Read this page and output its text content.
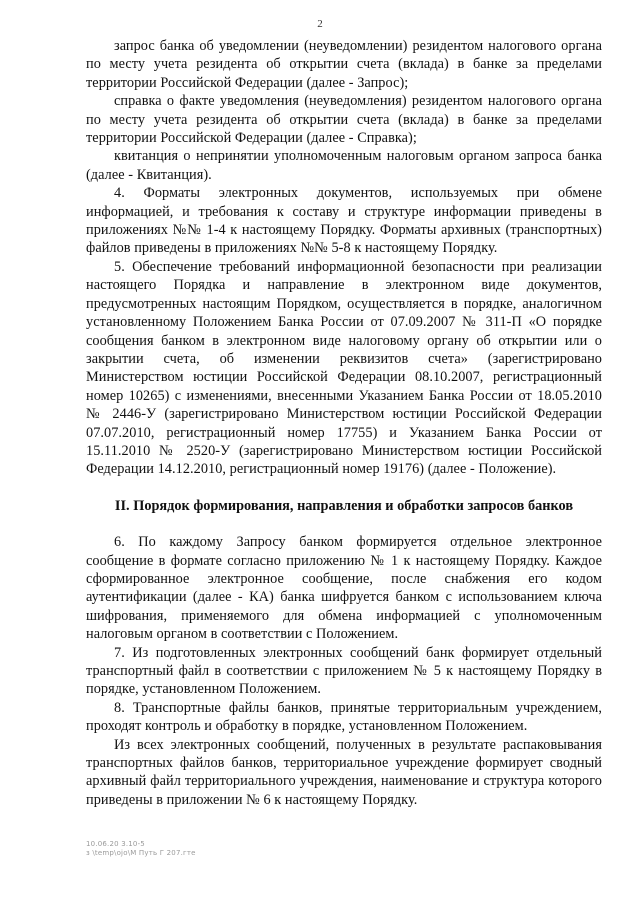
2

запрос банка об уведомлении (неуведомлении) резидентом налогового органа по месту учета резидента об открытии счета (вклада) в банке за пределами территории Российской Федерации (далее - Запрос);

справка о факте уведомления (неуведомления) резидентом налогового органа по месту учета резидента об открытии счета (вклада) в банке за пределами территории Российской Федерации (далее - Справка);

квитанция о непринятии уполномоченным налоговым органом запроса банка (далее - Квитанция).

4. Форматы электронных документов, используемых при обмене информацией, и требования к составу и структуре информации приведены в приложениях №№ 1-4 к настоящему Порядку. Форматы архивных (транспортных) файлов приведены в приложениях №№ 5-8 к настоящему Порядку.

5. Обеспечение требований информационной безопасности при реализации настоящего Порядка и направление в электронном виде документов, предусмотренных настоящим Порядком, осуществляется в порядке, аналогичном установленному Положением Банка России от 07.09.2007 № 311-П «О порядке сообщения банком в электронном виде налоговому органу об открытии или о закрытии счета, об изменении реквизитов счета» (зарегистрировано Министерством юстиции Российской Федерации 08.10.2007, регистрационный номер 10265) с изменениями, внесенными Указанием Банка России от 18.05.2010 № 2446-У (зарегистрировано Министерством юстиции Российской Федерации 07.07.2010, регистрационный номер 17755) и Указанием Банка России от 15.11.2010 № 2520-У (зарегистрировано Министерством юстиции Российской Федерации 14.12.2010, регистрационный номер 19176) (далее - Положение).

II. Порядок формирования, направления и обработки запросов банков

6. По каждому Запросу банком формируется отдельное электронное сообщение в формате согласно приложению № 1 к настоящему Порядку. Каждое сформированное электронное сообщение, после снабжения его кодом аутентификации (далее - КА) банка шифруется банком с использованием ключа шифрования, применяемого для обмена информацией с уполномоченным налоговым органом в соответствии с Положением.

7. Из подготовленных электронных сообщений банк формирует отдельный транспортный файл в соответствии с приложением № 5 к настоящему Порядку в порядке, установленном Положением.

8. Транспортные файлы банков, принятые территориальным учреждением, проходят контроль и обработку в порядке, установленном Положением.

Из всех электронных сообщений, полученных в результате распаковывания транспортных файлов банков, территориальное учреждение формирует сводный архивный файл территориального учреждения, наименование и структура которого приведены в приложении № 6 к настоящему Порядку.

10.06.20 3.10-5
з \temp\ojo\M Путь Г 207.гтe
